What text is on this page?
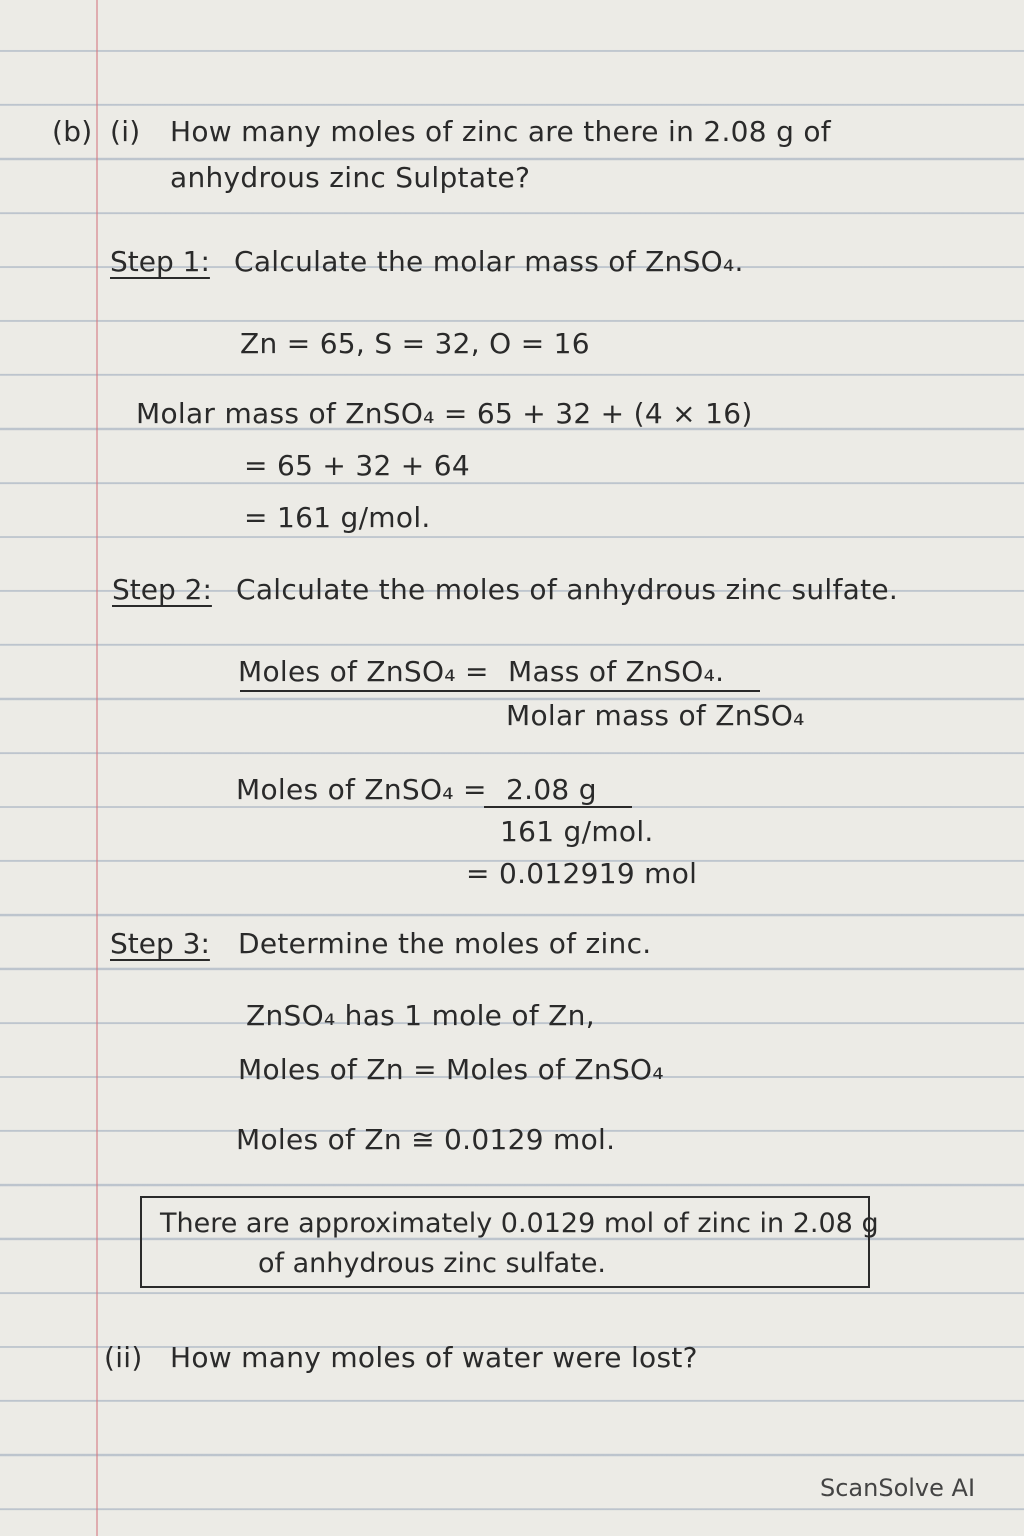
(b) (i) How many moles of zinc are there in 2.08 g of
anhydrous zinc Sulptate?
Step 1: Calculate the molar mass of ZnSO₄.
Zn = 65, S = 32, O = 16
Molar mass of ZnSO₄ = 65 + 32 + (4 × 16)
= 65 + 32 + 64
= 161 g/mol.
Step 2: Calculate the moles of anhydrous zinc sulfate.
Moles of ZnSO₄ = Mass of ZnSO₄.
Molar mass of ZnSO₄
Moles of ZnSO₄ = 2.08 g
161 g/mol.
= 0.012919 mol
Step 3: Determine the moles of zinc.
ZnSO₄ has 1 mole of Zn,
Moles of Zn = Moles of ZnSO₄
Moles of Zn ≅ 0.0129 mol.
There are approximately 0.0129 mol of zinc in 2.08 g
of anhydrous zinc sulfate.
(ii) How many moles of water were lost?
ScanSolve AI
